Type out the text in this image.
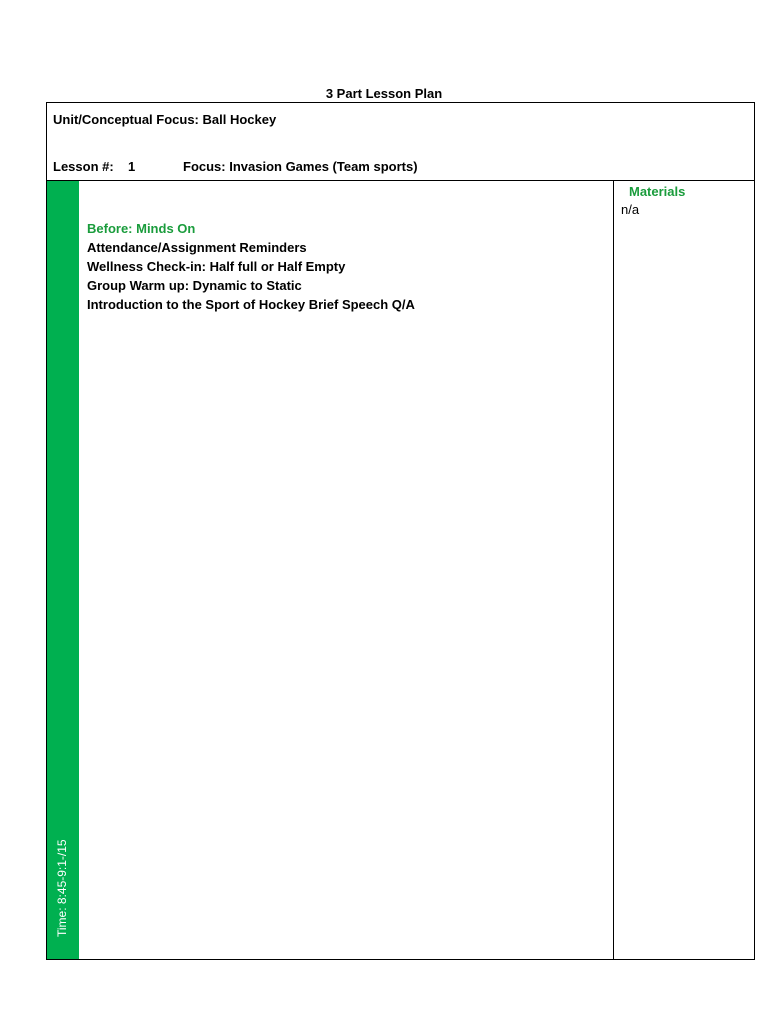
3 Part Lesson Plan
Unit/Conceptual Focus: Ball Hockey
Lesson #: 1	Focus: Invasion Games (Team sports)
Time: 8:45-9:1-/15
Before: Minds On
Attendance/Assignment Reminders
Wellness Check-in: Half full or Half Empty
Group Warm up: Dynamic to Static
Introduction to the Sport of Hockey Brief Speech Q/A
Materials
n/a
